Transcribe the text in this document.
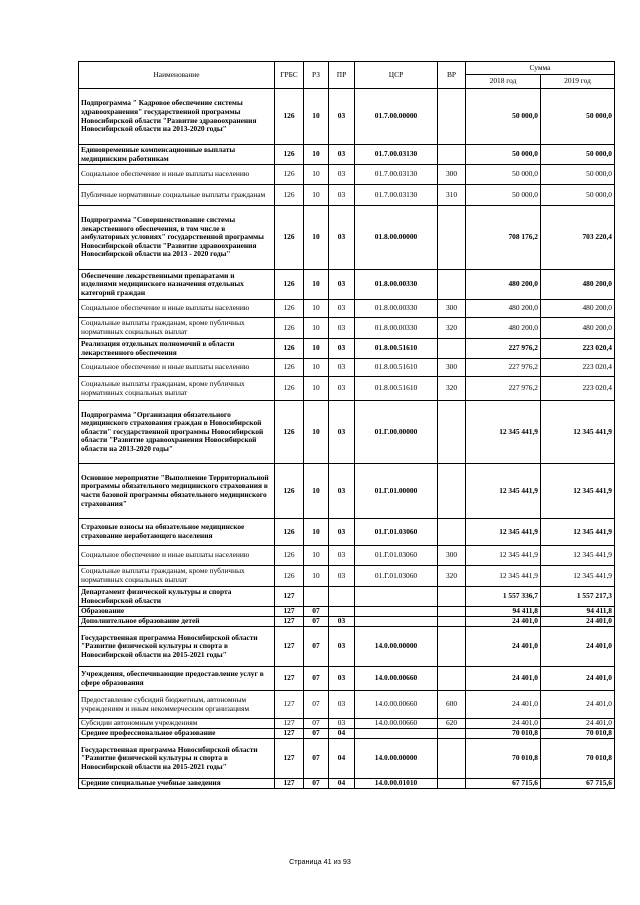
Наименование	ГРБС	РЗ	ПР	ЦСР	ВР	Сумма	
						2018 год	2019 год
Подпрограмма " Кадровое обеспечение системы здравоохранения" государственной программы Новосибирской области "Развитие здравоохранения Новосибирской области на 2013-2020 годы"	126	10	03	01.7.00.00000		50 000,0	50 000,0
Единовременные компенсационные выплаты медицинским работникам	126	10	03	01.7.00.03130		50 000,0	50 000,0
Социальное обеспечение и иные выплаты населению	126	10	03	01.7.00.03130	300	50 000,0	50 000,0
Публичные нормативные социальные выплаты гражданам	126	10	03	01.7.00.03130	310	50 000,0	50 000,0
Подпрограмма "Совершенствование системы лекарственного обеспечения, в том числе в амбулаторных условиях" государственной программы Новосибирской области "Развитие здравоохранения Новосибирской области на 2013 - 2020 годы"	126	10	03	01.8.00.00000		708 176,2	703 220,4
Обеспечение лекарственными препаратами и изделиями медицинского назначения отдельных категорий граждан	126	10	03	01.8.00.00330		480 200,0	480 200,0
Социальное обеспечение и иные выплаты населению	126	10	03	01.8.00.00330	300	480 200,0	480 200,0
Социальные выплаты гражданам, кроме публичных нормативных социальных выплат	126	10	03	01.8.00.00330	320	480 200,0	480 200,0
Реализация отдельных полномочий в области лекарственного обеспечения	126	10	03	01.8.00.51610		227 976,2	223 020,4
Социальное обеспечение и иные выплаты населению	126	10	03	01.8.00.51610	300	227 976,2	223 020,4
Социальные выплаты гражданам, кроме публичных нормативных социальных выплат	126	10	03	01.8.00.51610	320	227 976,2	223 020,4
Подпрограмма "Организация обязательного медицинского страхования граждан в Новосибирской области" государственной программы Новосибирской области "Развитие здравоохранения Новосибирской области на 2013-2020 годы"	126	10	03	01.Г.00.00000		12 345 441,9	12 345 441,9
Основное мероприятие "Выполнение Территориальной программы обязательного медицинского страхования в части базовой программы обязательного медицинского страхования"	126	10	03	01.Г.01.00000		12 345 441,9	12 345 441,9
Страховые взносы на обязательное медицинское страхование неработающего населения	126	10	03	01.Г.01.03060		12 345 441,9	12 345 441,9
Социальное обеспечение и иные выплаты населению	126	10	03	01.Г.01.03060	300	12 345 441,9	12 345 441,9
Социальные выплаты гражданам, кроме публичных нормативных социальных выплат	126	10	03	01.Г.01.03060	320	12 345 441,9	12 345 441,9
Департамент физической культуры и спорта Новосибирской области	127					1 557 336,7	1 557 217,3
Образование	127	07				94 411,8	94 411,8
Дополнительное образование детей	127	07	03			24 401,0	24 401,0
Государственная программа Новосибирской области "Развитие физической культуры и спорта в Новосибирской области на 2015-2021 годы"	127	07	03	14.0.00.00000		24 401,0	24 401,0
Учреждения, обеспечивающие предоставление услуг в сфере образования	127	07	03	14.0.00.00660		24 401,0	24 401,0
Предоставление субсидий бюджетным, автономным учреждениям и иным некоммерческим организациям	127	07	03	14.0.00.00660	600	24 401,0	24 401,0
Субсидии автономным учреждениям	127	07	03	14.0.00.00660	620	24 401,0	24 401,0
Среднее профессиональное образование	127	07	04			70 010,8	70 010,8
Государственная программа Новосибирской области "Развитие физической культуры и спорта в Новосибирской области на 2015-2021 годы"	127	07	04	14.0.00.00000		70 010,8	70 010,8
Средние специальные учебные заведения	127	07	04	14.0.00.01010		67 715,6	67 715,6
Страница 41 из 93
